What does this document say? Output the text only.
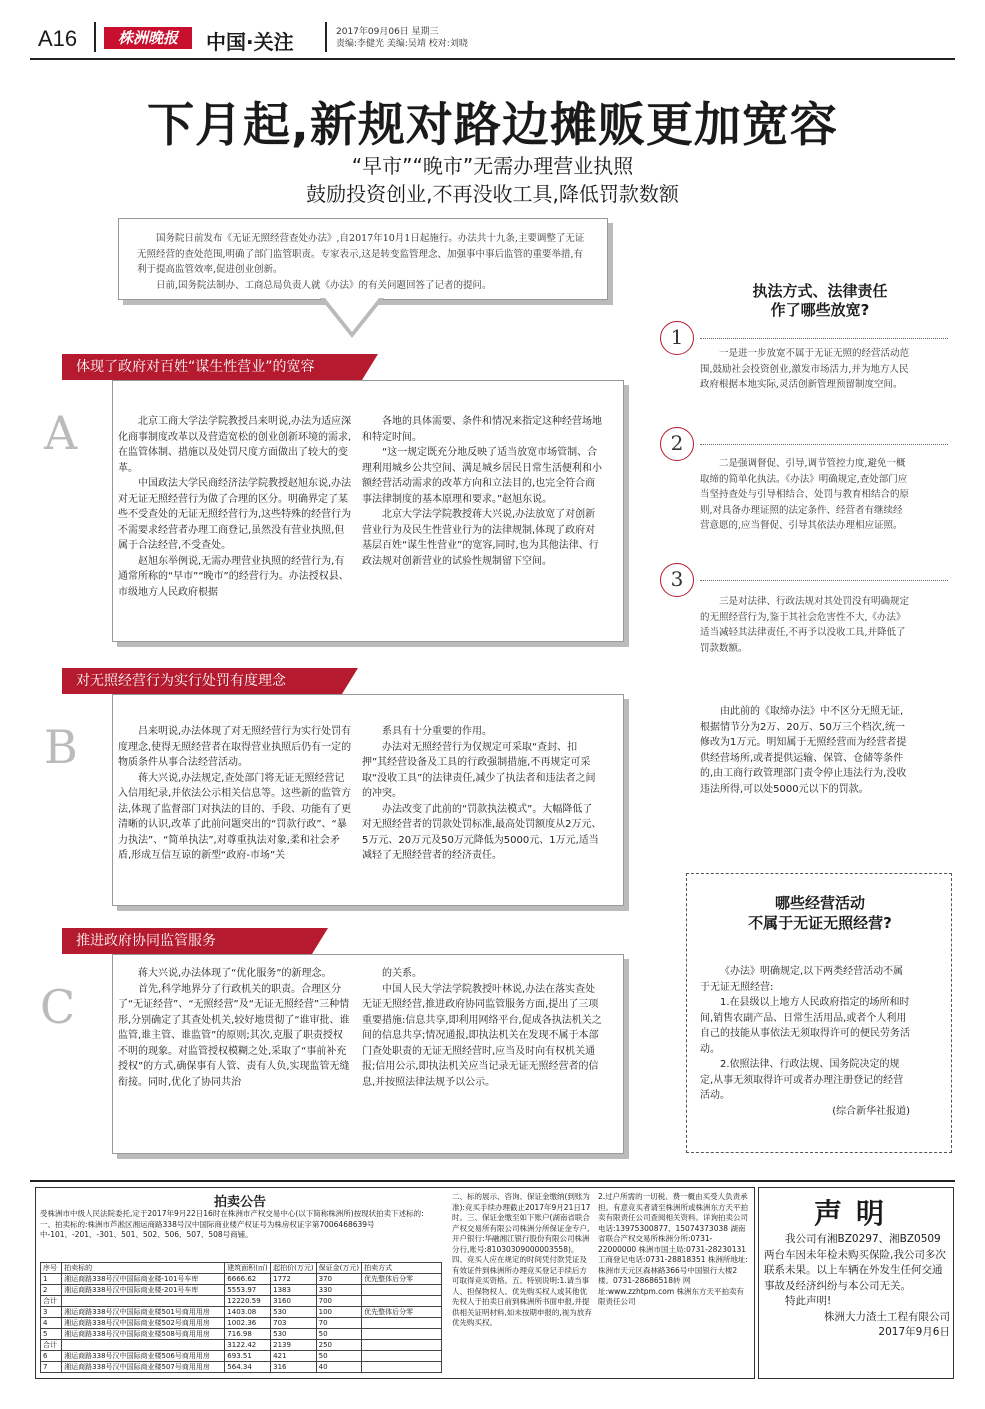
A16	株洲晚报	中国·关注	2017年09月06日 星期三
责编:李健光 美编:吴靖 校对:刘晓
下月起,新规对路边摊贩更加宽容
“早市”“晚市”无需办理营业执照
鼓励投资创业,不再没收工具,降低罚款数额

国务院日前发布《无证无照经营查处办法》,自2017年10月1日起施行。办法共十九条,主要调整了无证无照经营的查处范围,明确了部门监管职责。专家表示,这是转变监管理念、加强事中事后监管的重要举措,有利于提高监管效率,促进创业创新。

日前,国务院法制办、工商总局负责人就《办法》的有关问题回答了记者的提问。

体现了政府对百姓“谋生性营业”的宽容
A	北京工商大学法学院教授吕来明说,办法为适应深化商事制度改革以及营造宽松的创业创新环境的需求,在监管体制、措施以及处罚尺度方面做出了较大的变革。

中国政法大学民商经济法学院教授赵旭东说,办法对无证无照经营行为做了合理的区分。明确界定了某些不受查处的无证无照经营行为,这些特殊的经营行为不需要求经营者办理工商登记,虽然没有营业执照,但属于合法经营,不受查处。

赵旭东举例说,无需办理营业执照的经营行为,有通常所称的“早市”“晚市”的经营行为。办法授权县、市级地方人民政府根据

各地的具体需要、条件和情况来指定这种经营场地和特定时间。

“这一规定既充分地反映了适当放宽市场管制、合理利用城乡公共空间、满足城乡居民日常生活便利和小额经营活动需求的改革方向和立法目的,也完全符合商事法律制度的基本原理和要求。”赵旭东说。

北京大学法学院教授蒋大兴说,办法放宽了对创新营业行为及民生性营业行为的法律规制,体现了政府对基层百姓“谋生性营业”的宽容,同时,也为其他法律、行政法规对创新营业的试验性规制留下空间。

对无照经营行为实行处罚有度理念
B	吕来明说,办法体现了对无照经营行为实行处罚有度理念,使得无照经营者在取得营业执照后仍有一定的物质条件从事合法经营活动。

蒋大兴说,办法规定,查处部门将无证无照经营记入信用纪录,并依法公示相关信息等。这些新的监管方法,体现了监督部门对执法的目的、手段、功能有了更清晰的认识,改革了此前问题突出的“罚款行政”、“暴力执法”、“简单执法”,对尊重执法对象,柔和社会矛盾,形成互信互谅的新型“政府-市场”关

系具有十分重要的作用。

办法对无照经营行为仅规定可采取“查封、扣押”其经营设备及工具的行政强制措施,不再规定可采取“没收工具”的法律责任,减少了执法者和违法者之间的冲突。

办法改变了此前的“罚款执法模式”。大幅降低了对无照经营者的罚款处罚标准,最高处罚额度从2万元、5万元、20万元及50万元降低为5000元、1万元,适当减轻了无照经营者的经济责任。

推进政府协同监管服务
C

蒋大兴说,办法体现了“优化服务”的新理念。

首先,科学地界分了行政机关的职责。合理区分了“无证经营”、“无照经营”及“无证无照经营”三种情形,分别确定了其查处机关,较好地贯彻了“谁审批、谁监管,谁主管、谁监管”的原则;其次,克服了职责授权不明的现象。对监管授权模糊之处,采取了“事前补充授权”的方式,确保事有人管、责有人负,实现监管无缝衔接。同时,优化了协同共治

的关系。

中国人民大学法学院教授叶林说,办法在落实查处无证无照经营,推进政府协同监管服务方面,提出了三项重要措施:信息共享,即利用网络平台,促成各执法机关之间的信息共享;情况通报,即执法机关在发现不属于本部门查处职责的无证无照经营时,应当及时向有权机关通报;信用公示,即执法机关应当记录无证无照经营者的信息,并按照法律法规予以公示。

执法方式、法律责任
作了哪些放宽?
1

一是进一步放宽不属于无证无照的经营活动范围,鼓励社会投资创业,激发市场活力,并为地方人民政府根据本地实际,灵活创新管理预留制度空间。

2

二是强调督促、引导,调节管控力度,避免一概取缔的简单化执法。《办法》明确规定,查处部门应当坚持查处与引导相结合、处罚与教育相结合的原则,对具备办理证照的法定条件、经营者有继续经营意愿的,应当督促、引导其依法办理相应证照。

3

三是对法律、行政法规对其处罚没有明确规定的无照经营行为,鉴于其社会危害性不大,《办法》适当减轻其法律责任,不再予以没收工具,并降低了罚款数额。

由此前的《取缔办法》中不区分无照无证,根据情节分为2万、20万、50万三个档次,统一修改为1万元。明知属于无照经营而为经营者提供经营场所,或者提供运输、保管、仓储等条件的,由工商行政管理部门责令停止违法行为,没收违法所得,可以处5000元以下的罚款。

哪些经营活动
不属于无证无照经营?

《办法》明确规定,以下两类经营活动不属于无证无照经营:

1.在县级以上地方人民政府指定的场所和时间,销售农副产品、日常生活用品,或者个人利用自己的技能从事依法无须取得许可的便民劳务活动。

2.依照法律、行政法规、国务院决定的规定,从事无须取得许可或者办理注册登记的经营活动。

(综合新华社报道)
拍卖公告
受株洲市中级人民法院委托,定于2017年9月22日16时在株洲市产权交易中心(以下简称株洲所)按现状拍卖下述标的:
一、拍卖标的:株洲市芦淞区湘运商路338号汉中国际商业楼产权证号为株房权证字第7006468639号中-101、-201、-301、501、502、506、507、508号商铺。
序号	拍卖标的	建筑面积(㎡)	起拍价(万元)	保证金(万元)	拍卖方式
1	湘运商路338号汉中国际商业楼-101号车库	6666.62	1772	370	优先整体后分零
2	湘运商路338号汉中国际商业楼-201号车库	5553.97	1383	330	
合计		12220.59	3160	700	
3	湘运商路338号汉中国际商业楼501号商用用房	1403.08	530	100	优先整体后分零
4	湘运商路338号汉中国际商业楼502号商用用房	1002.36	703	70	
5	湘运商路338号汉中国际商业楼508号商用用房	716.98	530	50	
合计		3122.42	2139	250	
6	湘运商路338号汉中国际商业楼506号商用用房	693.51	421	50	
7	湘运商路338号汉中国际商业楼507号商用用房	564.34	316	40	
二、标的展示、咨询、保证金缴纳(到账为准):竞买手续办理截止2017年9月21日17时。三、保证金缴至如下账户(湖南省联合产权交易所有限公司株洲分所保证金专户,开户银行:华融湘江银行股份有限公司株洲分行,账号:81030309000003558)。四、竞买人应在规定的时间凭付款凭证及有效证件到株洲所办理竞买登记手续后方可取得竞买资格。五、特别说明:1.请当事人、担保物权人、优先购买权人或其他优先权人于拍卖日前到株洲所书面申报,并提供相关证明材料,如未按期申报的,视为放弃优先购买权。
2.过户所需的一切税、费一概由买受人负责承担。有意竞买者请至株洲所或株洲东方天平拍卖有限责任公司查阅相关资料。详询拍卖公司电话:13975300877、15074373038 湖南省联合产权交易所株洲分所:0731-22000000 株洲市国土局:0731-28230131 工商登记电话:0731-28818351 株洲所地址:株洲市天元区森林路366号中国银行大楼2楼。0731-28686518转 网址:www.zzhtpm.com 株洲东方天平拍卖有限责任公司
声明

我公司有湘BZ0297、湘BZ0509两台车因未年检未购买保险,我公司多次联系未果。以上车辆在外发生任何交通事故及经济纠纷与本公司无关。

特此声明!

株洲大力渣土工程有限公司
2017年9月6日
